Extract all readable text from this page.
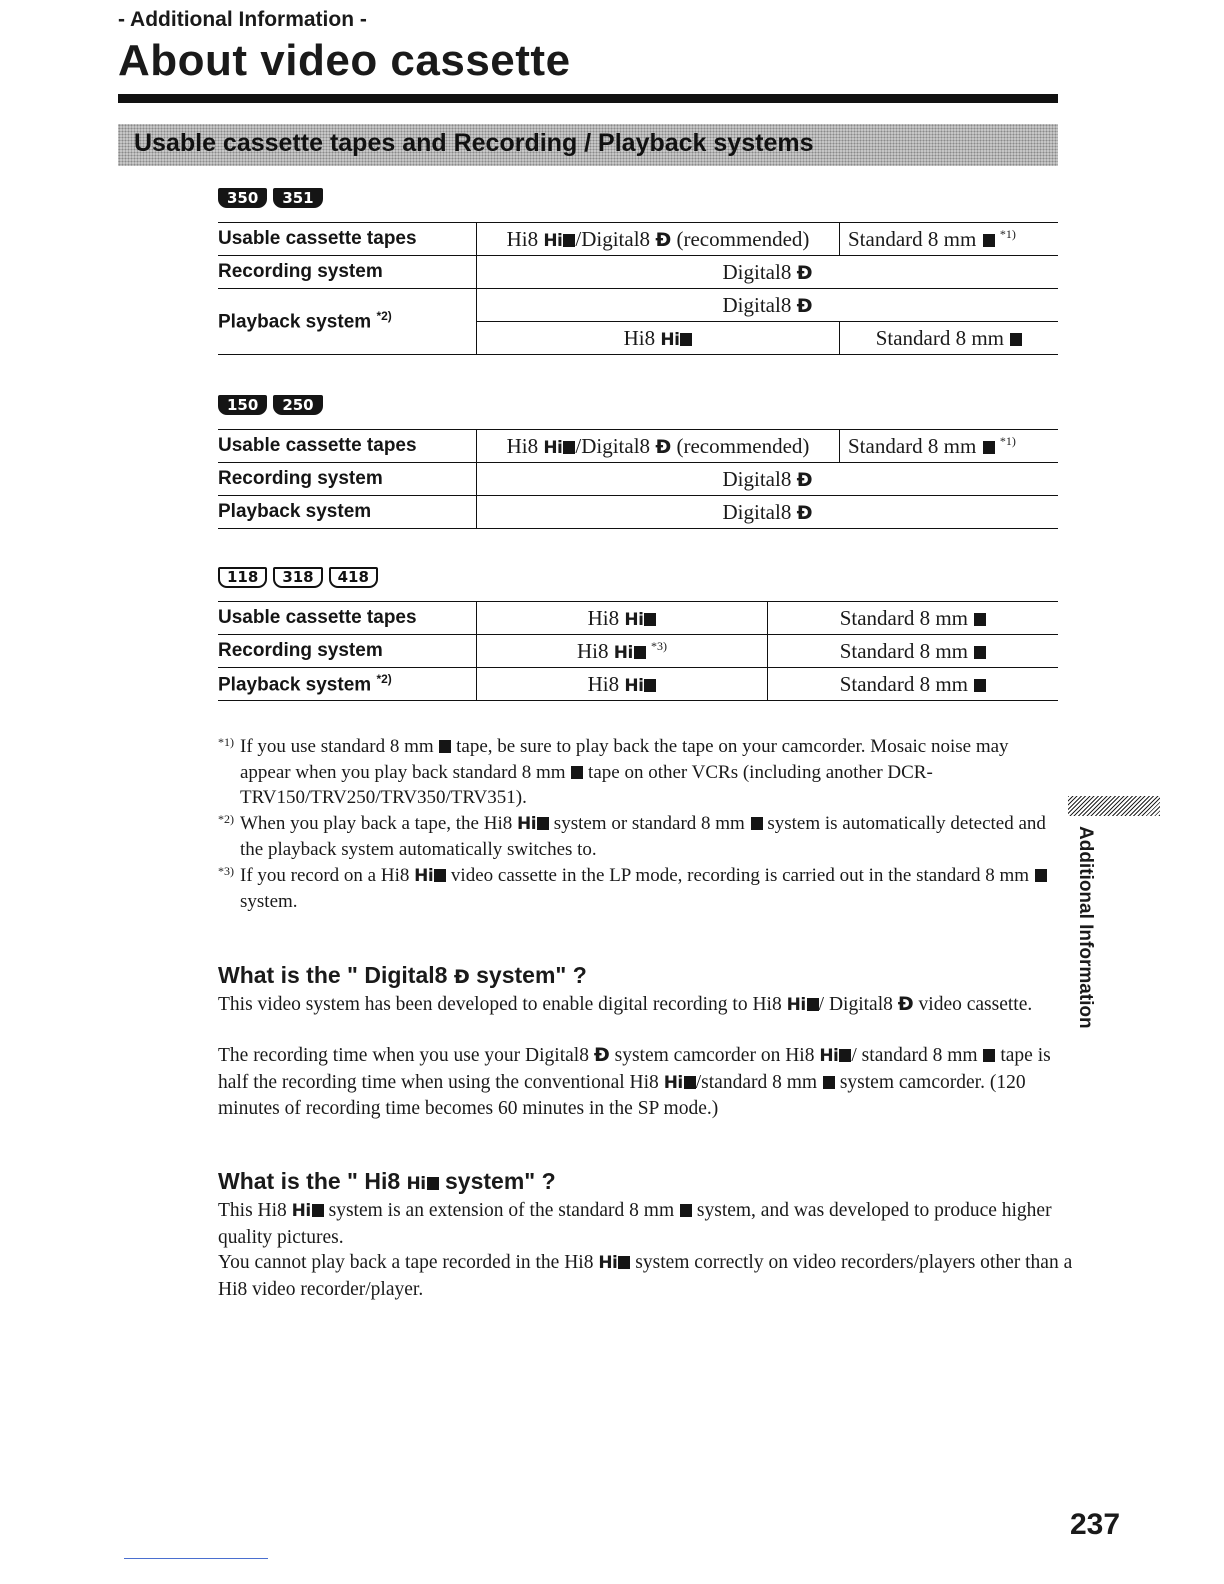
- Additional Information -
About video cassette
Usable cassette tapes and Recording / Playback systems
350	351
Usable cassette tapes	Hi8 Hi /Digital8 Ɖ (recommended)	Standard 8 mm $^{*1)}$
Recording system	Digital8 Ɖ	
Playback system $^{*2)}$	Digital8 Ɖ	
	Hi8 Hi	Standard 8 mm
150	250
Usable cassette tapes	Hi8 Hi /Digital8 Ɖ (recommended)	Standard 8 mm $^{*1)}$
Recording system	Digital8 Ɖ	
Playback system	Digital8 Ɖ	
118	318	418
Usable cassette tapes	Hi8 Hi	Standard 8 mm
Recording system	Hi8 Hi $^{*3)}$	Standard 8 mm
Playback system $^{*2)}$	Hi8 Hi	Standard 8 mm
*1) If you use standard 8 mm tape, be sure to play back the tape on your camcorder. Mosaic noise may appear when you play back standard 8 mm tape on other VCRs (including another DCR-TRV150/TRV250/TRV350/TRV351).
*2) When you play back a tape, the Hi8 Hi system or standard 8 mm system is automatically detected and the playback system automatically switches to.
*3) If you record on a Hi8 Hi video cassette in the LP mode, recording is carried out in the standard 8 mm  system.
What is the " Digital8 Ɖ system" ?

This video system has been developed to enable digital recording to Hi8 Hi / Digital8 Ɖ video cassette.

The recording time when you use your Digital8 Ɖ system camcorder on Hi8 Hi / standard 8 mm tape is half the recording time when using the conventional Hi8 Hi /standard 8 mm system camcorder. (120 minutes of recording time becomes 60 minutes in the SP mode.)

What is the " Hi8 Hi system" ?

This Hi8 Hi system is an extension of the standard 8 mm system, and was developed to produce higher quality pictures.

You cannot play back a tape recorded in the Hi8 Hi system correctly on video recorders/players other than a Hi8 video recorder/player.

Additional Information
237
